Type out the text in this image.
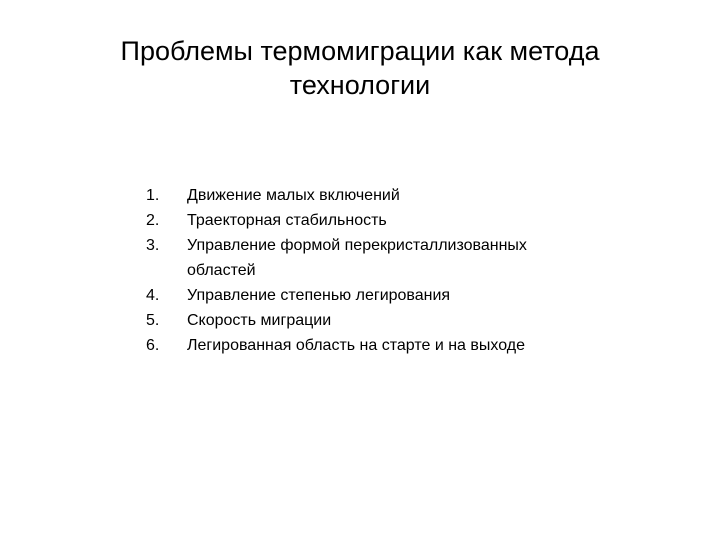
Проблемы термомиграции как метода
технологии
1.	Движение малых включений
2.	Траекторная стабильность
3.	Управление формой перекристаллизованных областей
4.	Управление степенью легирования
5.	Скорость миграции
6.	Легированная область на старте и на выходе
